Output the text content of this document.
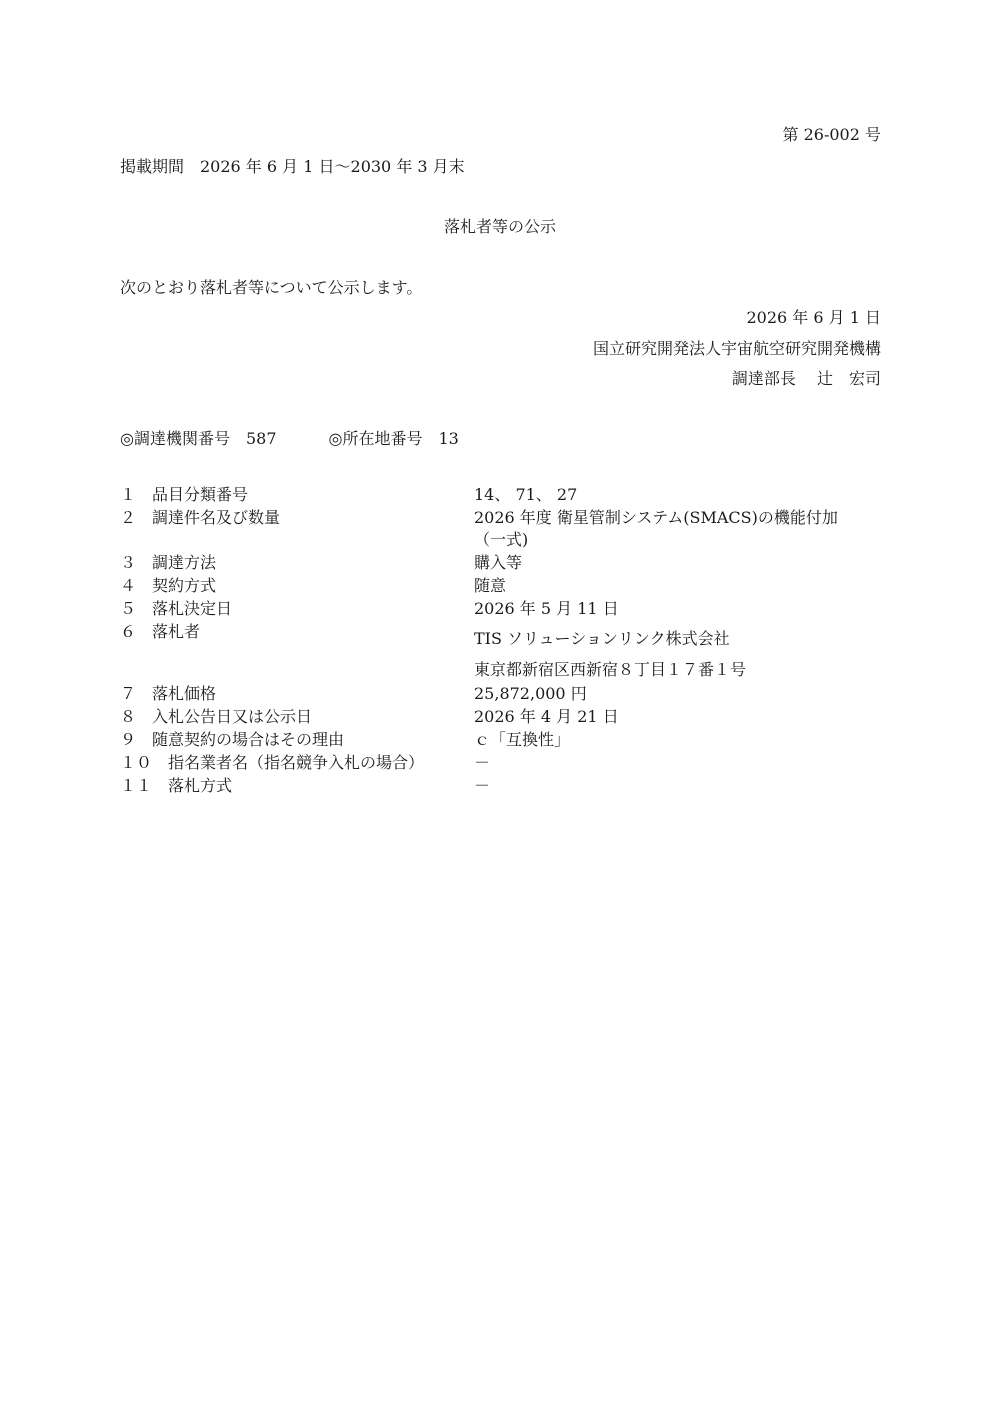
第 26-002 号
掲載期間　2026 年 6 月 1 日～2030 年 3 月末
落札者等の公示
次のとおり落札者等について公示します。
2026 年 6 月 1 日
国立研究開発法人宇宙航空研究開発機構
調達部長　 辻　宏司
◎調達機関番号　587	◎所在地番号　13
１　品目分類番号	14、 71、 27
２　調達件名及び数量	2026 年度 衛星管制システム(SMACS)の機能付加
（一式)
３　調達方法	購入等
４　契約方式	随意
５　落札決定日	2026 年 5 月 11 日
６　落札者	TIS ソリューションリンク株式会社
東京都新宿区西新宿８丁目１７番１号
７　落札価格	25,872,000 円
８　入札公告日又は公示日	2026 年 4 月 21 日
９　随意契約の場合はその理由	ｃ「互換性」
１０　指名業者名（指名競争入札の場合）	－
１１　落札方式	－
